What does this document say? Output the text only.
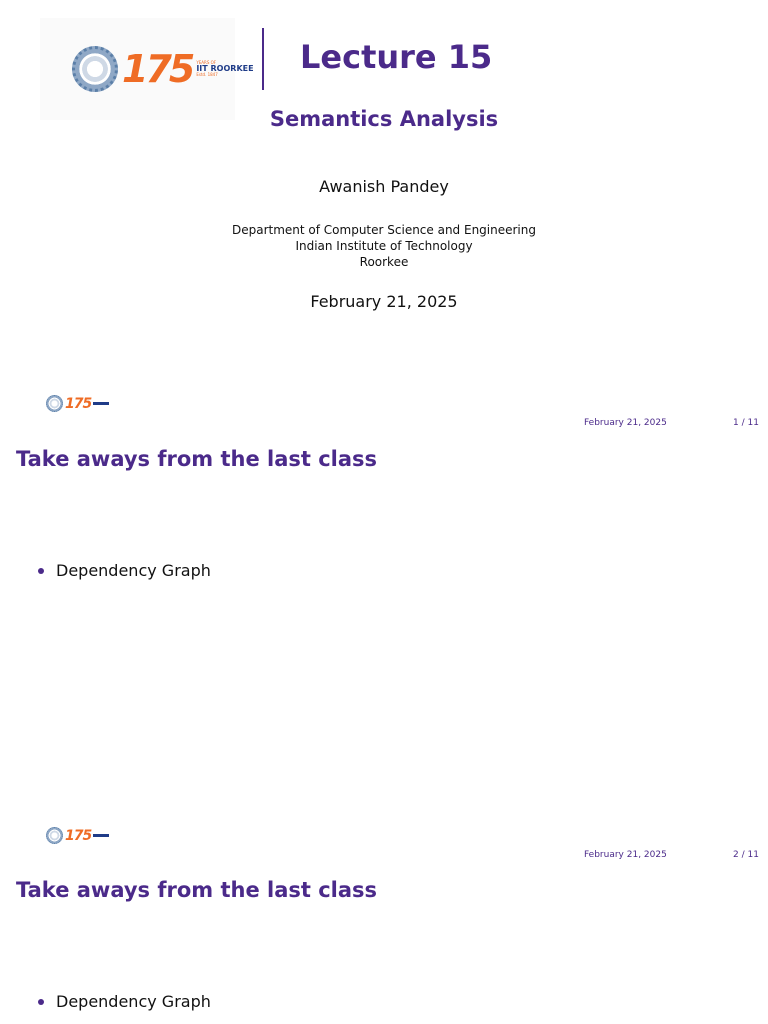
175 YEARS OF
IIT ROORKEE
Estd. 1847	Lecture 15
Semantics Analysis
Awanish Pandey
Department of Computer Science and Engineering
Indian Institute of Technology
Roorkee
February 21, 2025
175
February 21, 2025	1 / 11
Take aways from the last class
Dependency Graph
175
February 21, 2025	2 / 11
Take aways from the last class
Dependency Graph
